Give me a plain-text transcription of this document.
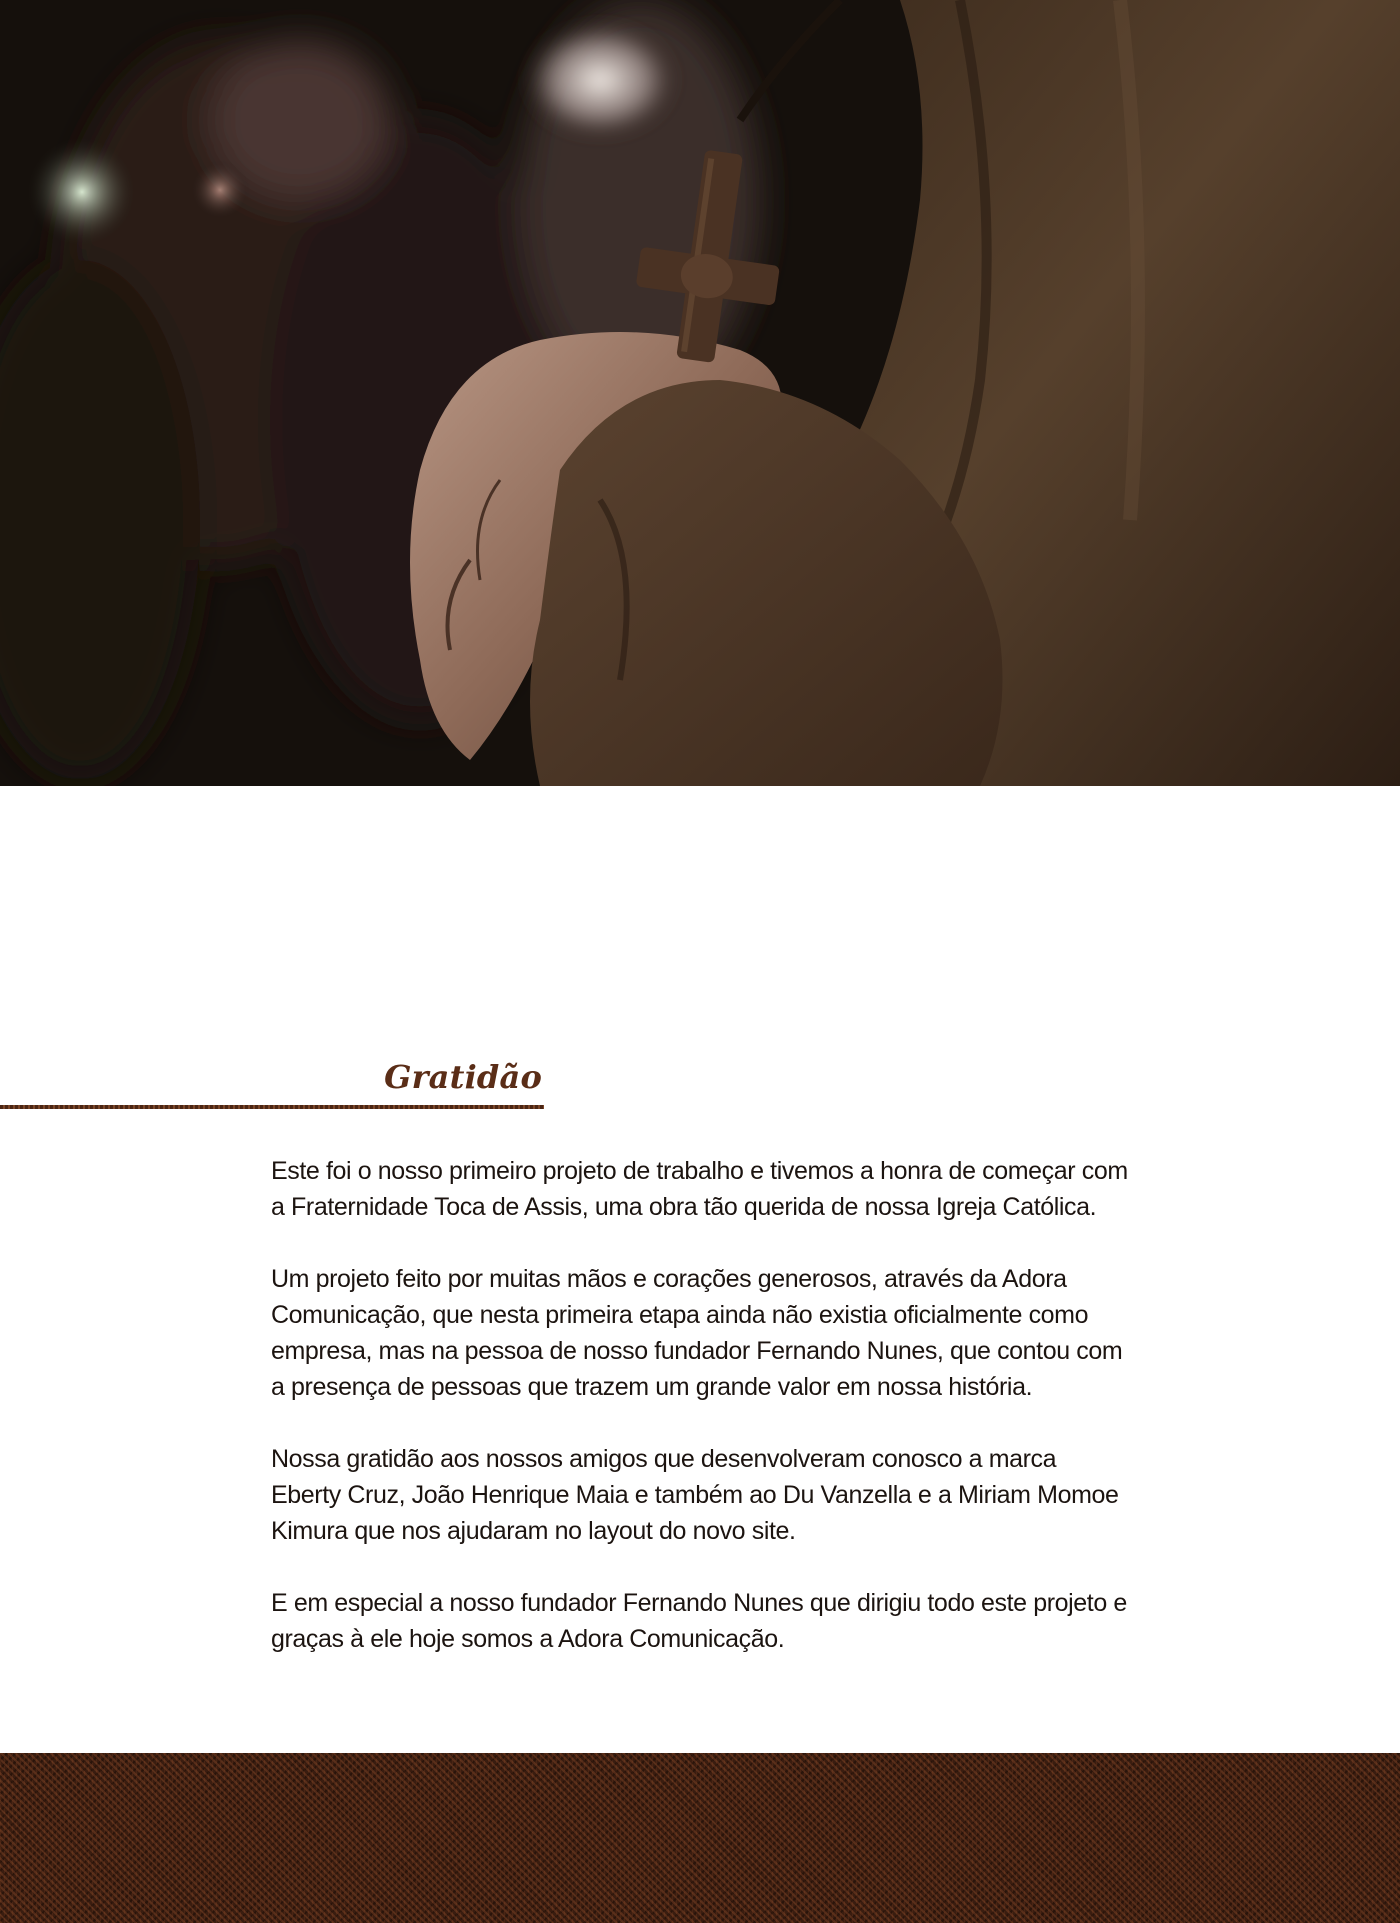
Gratidão

Este foi o nosso primeiro projeto de trabalho e tivemos a honra de começar com a Fraternidade Toca de Assis, uma obra tão querida de nossa Igreja Católica.

Um projeto feito por muitas mãos e corações generosos, através da Adora Comunicação, que nesta primeira etapa ainda não existia oficialmente como empresa, mas na pessoa de nosso fundador Fernando Nunes, que contou com a presença de pessoas que trazem um grande valor em nossa história.

Nossa gratidão aos nossos amigos que desenvolveram conosco a marca Eberty Cruz, João Henrique Maia e também ao Du Vanzella e a Miriam Momoe Kimura que nos ajudaram no layout do novo site.

E em especial a nosso fundador Fernando Nunes que dirigiu todo este projeto e graças à ele hoje somos a Adora Comunicação.
